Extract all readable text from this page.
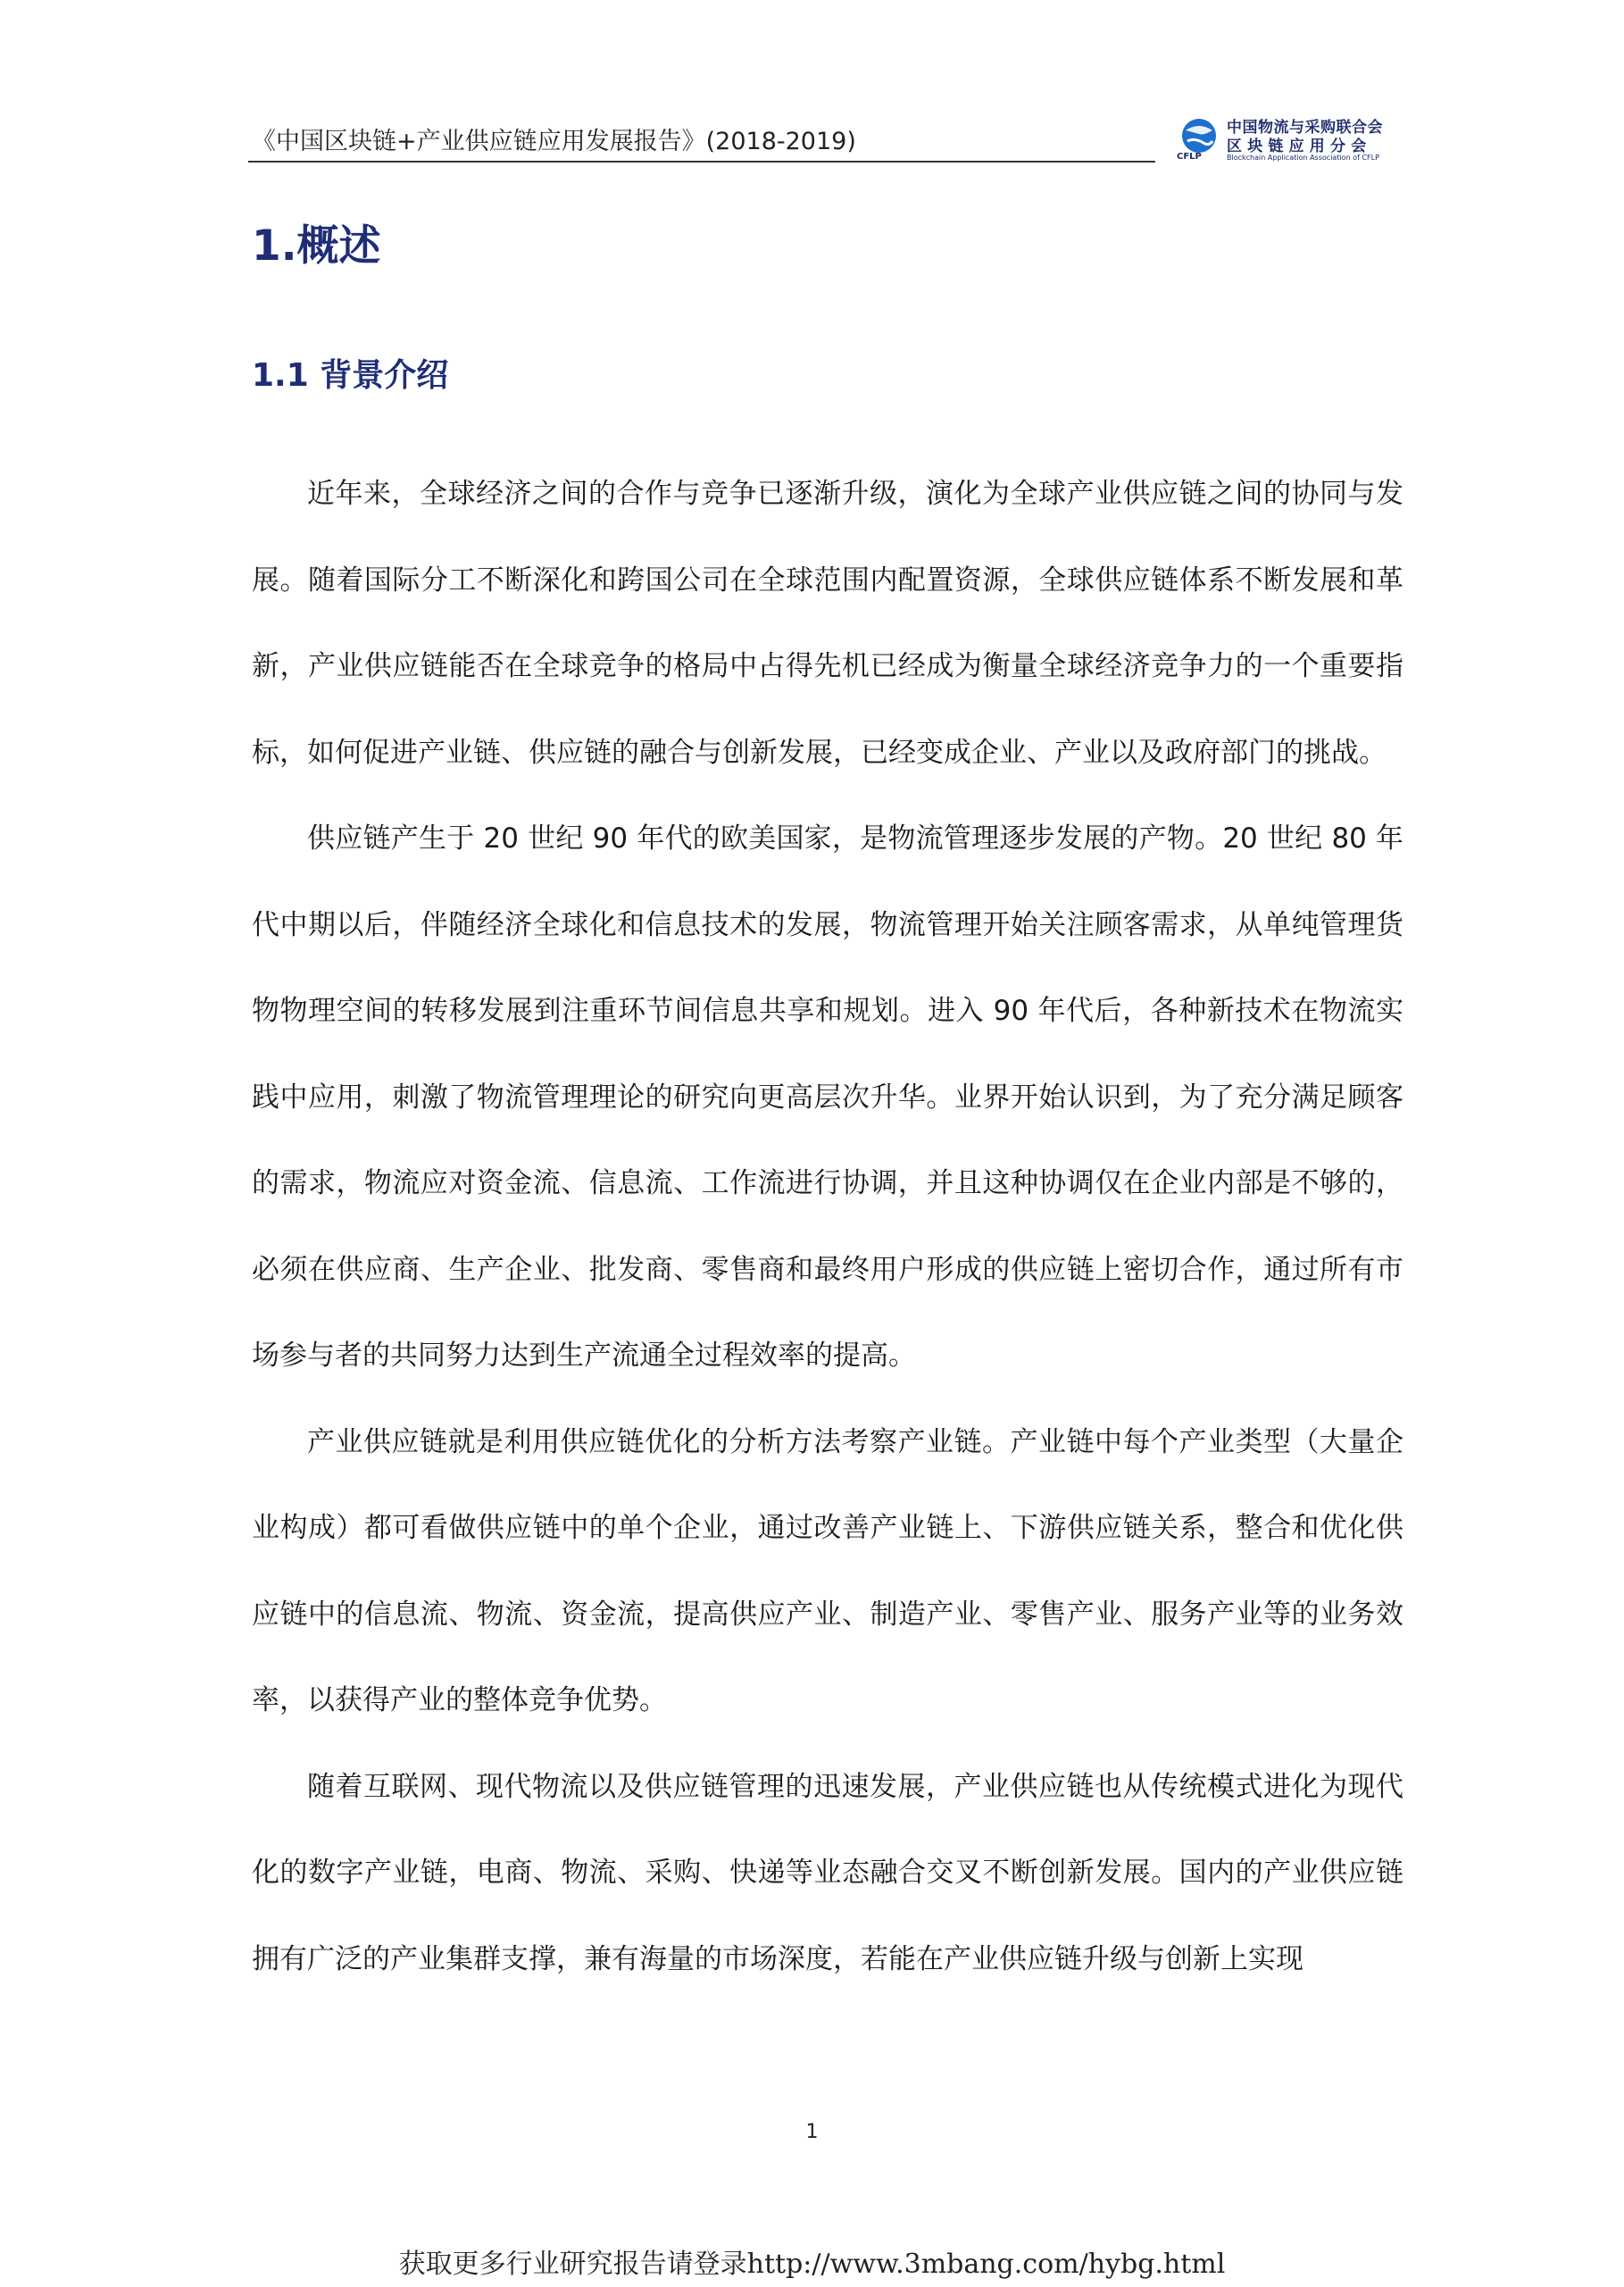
《中国区块链+产业供应链应用发展报告》(2018-2019)
CFLP
中国物流与采购联合会
区块链应用分会
Blockchain Application Association of CFLP
1.概述
1.1 背景介绍

近年来，全球经济之间的合作与竞争已逐渐升级，演化为全球产业供应链之间的协同与发展。随着国际分工不断深化和跨国公司在全球范围内配置资源，全球供应链体系不断发展和革新，产业供应链能否在全球竞争的格局中占得先机已经成为衡量全球经济竞争力的一个重要指标，如何促进产业链、供应链的融合与创新发展，已经变成企业、产业以及政府部门的挑战。

供应链产生于 20 世纪 90 年代的欧美国家，是物流管理逐步发展的产物。20 世纪 80 年代中期以后，伴随经济全球化和信息技术的发展，物流管理开始关注顾客需求，从单纯管理货物物理空间的转移发展到注重环节间信息共享和规划。进入 90 年代后，各种新技术在物流实践中应用，刺激了物流管理理论的研究向更高层次升华。业界开始认识到，为了充分满足顾客的需求，物流应对资金流、信息流、工作流进行协调，并且这种协调仅在企业内部是不够的，必须在供应商、生产企业、批发商、零售商和最终用户形成的供应链上密切合作，通过所有市场参与者的共同努力达到生产流通全过程效率的提高。

产业供应链就是利用供应链优化的分析方法考察产业链。产业链中每个产业类型（大量企业构成）都可看做供应链中的单个企业，通过改善产业链上、下游供应链关系，整合和优化供应链中的信息流、物流、资金流，提高供应产业、制造产业、零售产业、服务产业等的业务效率，以获得产业的整体竞争优势。

随着互联网、现代物流以及供应链管理的迅速发展，产业供应链也从传统模式进化为现代化的数字产业链，电商、物流、采购、快递等业态融合交叉不断创新发展。国内的产业供应链拥有广泛的产业集群支撑，兼有海量的市场深度，若能在产业供应链升级与创新上实现

1
获取更多行业研究报告请登录http://www.3mbang.com/hybg.html
